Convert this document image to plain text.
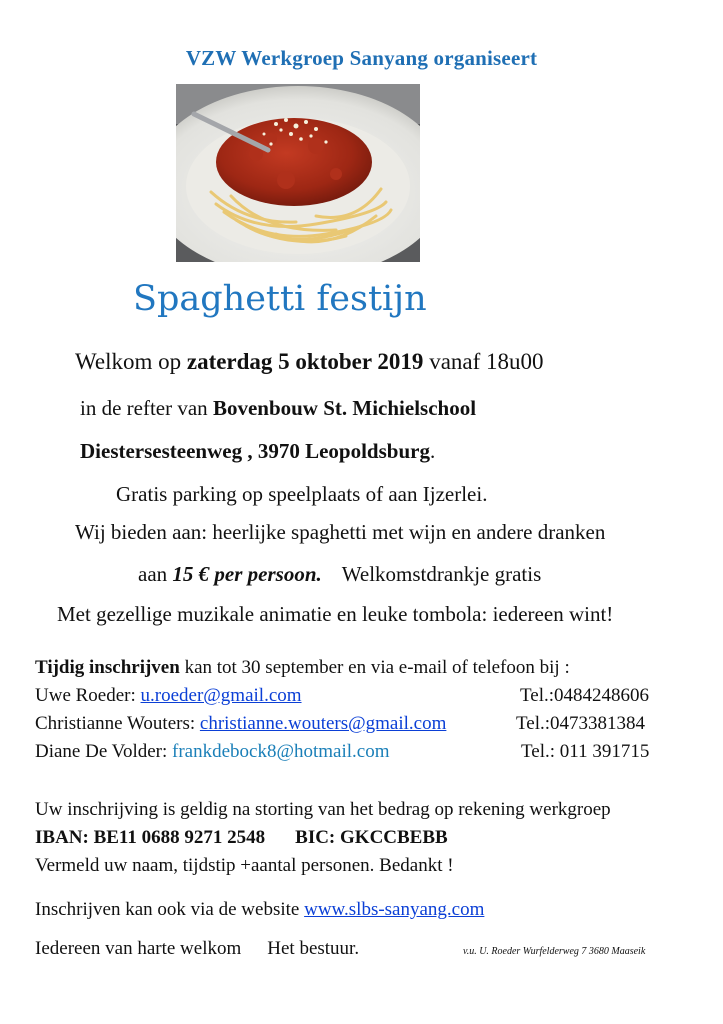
VZW Werkgroep Sanyang organiseert
Spaghetti festijn
Welkom op zaterdag 5 oktober 2019 vanaf 18u00
in de refter van Bovenbouw St. Michielschool
Diestersesteenweg , 3970 Leopoldsburg.
Gratis parking op speelplaats of aan Ijzerlei.
Wij bieden aan: heerlijke spaghetti met wijn en andere dranken
aan 15 € per persoon. Welkomstdrankje gratis
Met gezellige muzikale animatie en leuke tombola: iedereen wint!
Tijdig inschrijven kan tot 30 september en via e-mail of telefoon bij :
Uwe Roeder: u.roeder@gmail.com	Tel.:0484248606
Christianne Wouters: christianne.wouters@gmail.com	Tel.:0473381384
Diane De Volder: frankdebock8@hotmail.com	Tel.: 011 391715
Uw inschrijving is geldig na storting van het bedrag op rekening werkgroep
IBAN: BE11 0688 9271 2548 BIC: GKCCBEBB
Vermeld uw naam, tijdstip +aantal personen. Bedankt !
Inschrijven kan ook via de website www.slbs-sanyang.com
Iedereen van harte welkom Het bestuur.	v.u. U. Roeder Wurfelderweg 7 3680 Maaseik
